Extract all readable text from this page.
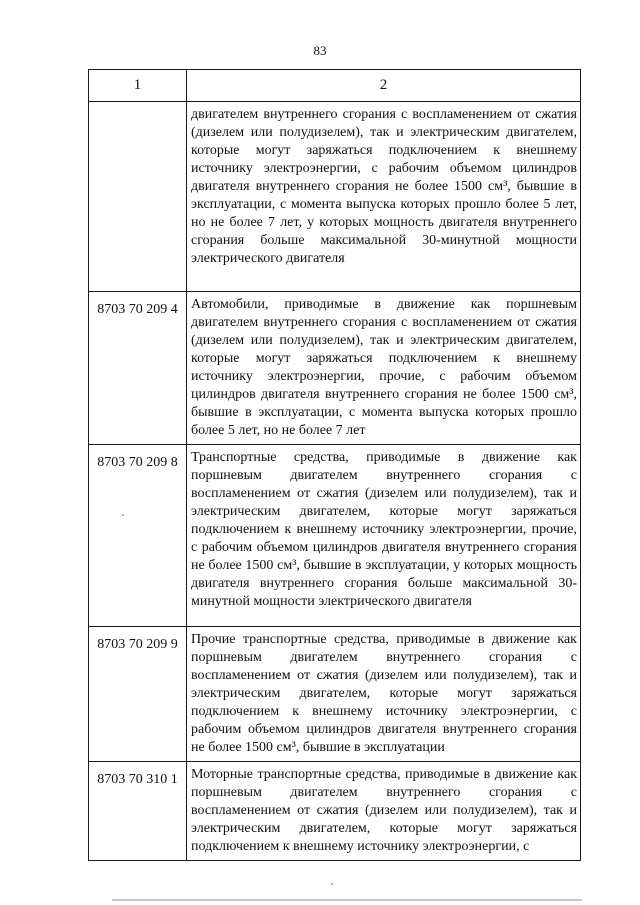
83
1	2

	двигателем внутреннего сгорания с воспламенением от сжатия (дизелем или полудизелем), так и электрическим двигателем, которые могут заряжаться подключением к внешнему источнику электроэнергии, с рабочим объемом цилиндров двигателя внутреннего сгорания не более 1500 см³, бывшие в эксплуатации, с момента выпуска которых прошло более 5 лет, но не более 7 лет, у которых мощность двигателя внутреннего сгорания больше максимальной 30-минутной мощности электрического двигателя

8703 70 209 4	Автомобили, приводимые в движение как поршневым двигателем внутреннего сгорания с воспламенением от сжатия (дизелем или полудизелем), так и электрическим двигателем, которые могут заряжаться подключением к внешнему источнику электроэнергии, прочие, с рабочим объемом цилиндров двигателя внутреннего сгорания не более 1500 см³, бывшие в эксплуатации, с момента выпуска которых прошло более 5 лет, но не более 7 лет

8703 70 209 8	Транспортные средства, приводимые в движение как поршневым двигателем внутреннего сгорания с воспламенением от сжатия (дизелем или полудизелем), так и электрическим двигателем, которые могут заряжаться подключением к внешнему источнику электроэнергии, прочие, с рабочим объемом цилиндров двигателя внутреннего сгорания не более 1500 см³, бывшие в эксплуатации, у которых мощность двигателя внутреннего сгорания больше максимальной 30-минутной мощности электрического двигателя

8703 70 209 9	Прочие транспортные средства, приводимые в движение как поршневым двигателем внутреннего сгорания с воспламенением от сжатия (дизелем или полудизелем), так и электрическим двигателем, которые могут заряжаться подключением к внешнему источнику электроэнергии, с рабочим объемом цилиндров двигателя внутреннего сгорания не более 1500 см³, бывшие в эксплуатации

8703 70 310 1	Моторные транспортные средства, приводимые в движение как поршневым двигателем внутреннего сгорания с воспламенением от сжатия (дизелем или полудизелем), так и электрическим двигателем, которые могут заряжаться подключением к внешнему источнику электроэнергии, с
